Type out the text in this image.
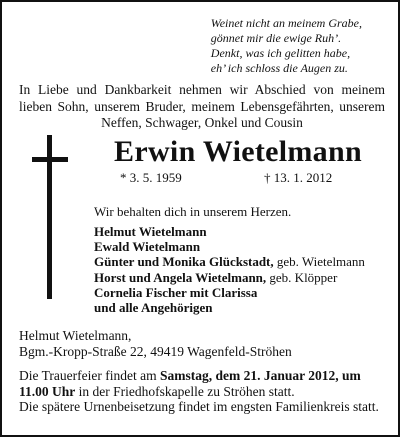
Weinet nicht an meinem Grabe,
gönnet mir die ewige Ruh’.
Denkt, was ich gelitten habe,
eh’ ich schloss die Augen zu.
In Liebe und Dankbarkeit nehmen wir Abschied von meinem lieben Sohn, unserem Bruder, meinem Lebensgefährten, unserem Neffen, Schwager, Onkel und Cousin
Erwin Wietelmann
* 3. 5. 1959	† 13. 1. 2012
Wir behalten dich in unserem Herzen.
Helmut Wietelmann
Ewald Wietelmann
Günter und Monika Glückstadt, geb. Wietelmann
Horst und Angela Wietelmann, geb. Klöpper
Cornelia Fischer mit Clarissa
und alle Angehörigen
Helmut Wietelmann,
Bgm.-Kropp-Straße 22, 49419 Wagenfeld-Ströhen

Die Trauerfeier findet am Samstag, dem 21. Januar 2012, um 11.00 Uhr in der Friedhofskapelle zu Ströhen statt.

Die spätere Urnenbeisetzung findet im engsten Familienkreis statt.
